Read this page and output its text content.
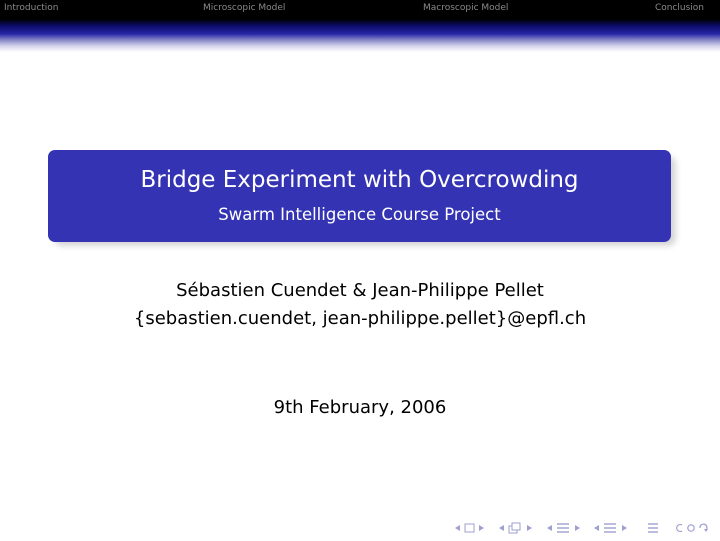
Introduction	Microscopic Model	Macroscopic Model	Conclusion
Bridge Experiment with Overcrowding
Swarm Intelligence Course Project
Sébastien Cuendet & Jean-Philippe Pellet
{sebastien.cuendet, jean-philippe.pellet}@epfl.ch
9th February, 2006
